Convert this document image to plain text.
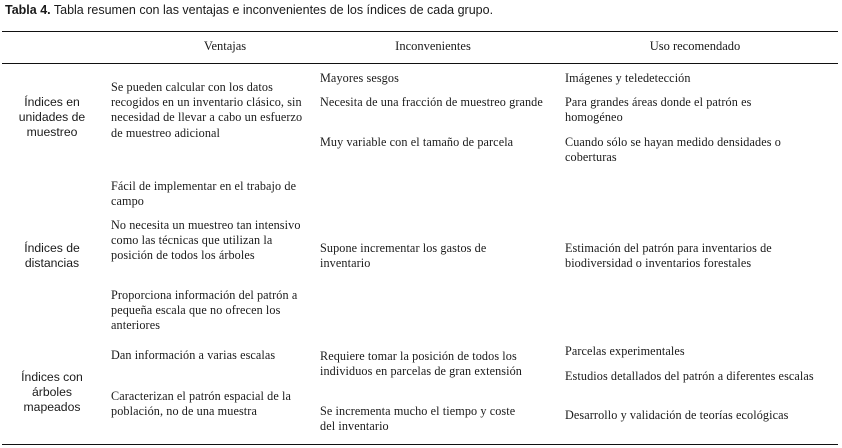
Tabla 4. Tabla resumen con las ventajas e inconvenientes de los índices de cada grupo.
Ventajas	Inconvenientes	Uso recomendado
Índices en unidades de muestreo
Se pueden calcular con los datos recogidos en un inventario clásico, sin necesidad de llevar a cabo un esfuerzo de muestreo adicional
Mayores sesgos
Necesita de una fracción de muestreo grande
Muy variable con el tamaño de parcela
Imágenes y teledetección
Para grandes áreas donde el patrón es homogéneo
Cuando sólo se hayan medido densidades o coberturas
Índices de distancias
Fácil de implementar en el trabajo de campo
No necesita un muestreo tan intensivo como las técnicas que utilizan la posición de todos los árboles
Proporciona información del patrón a pequeña escala que no ofrecen los anteriores
Supone incrementar los gastos de inventario
Estimación del patrón para inventarios de biodiversidad o inventarios forestales
Índices con árboles mapeados
Dan información a varias escalas
Caracterizan el patrón espacial de la población, no de una muestra
Requiere tomar la posición de todos los individuos en parcelas de gran extensión
Se incrementa mucho el tiempo y coste del inventario
Parcelas experimentales
Estudios detallados del patrón a diferentes escalas
Desarrollo y validación de teorías ecológicas
